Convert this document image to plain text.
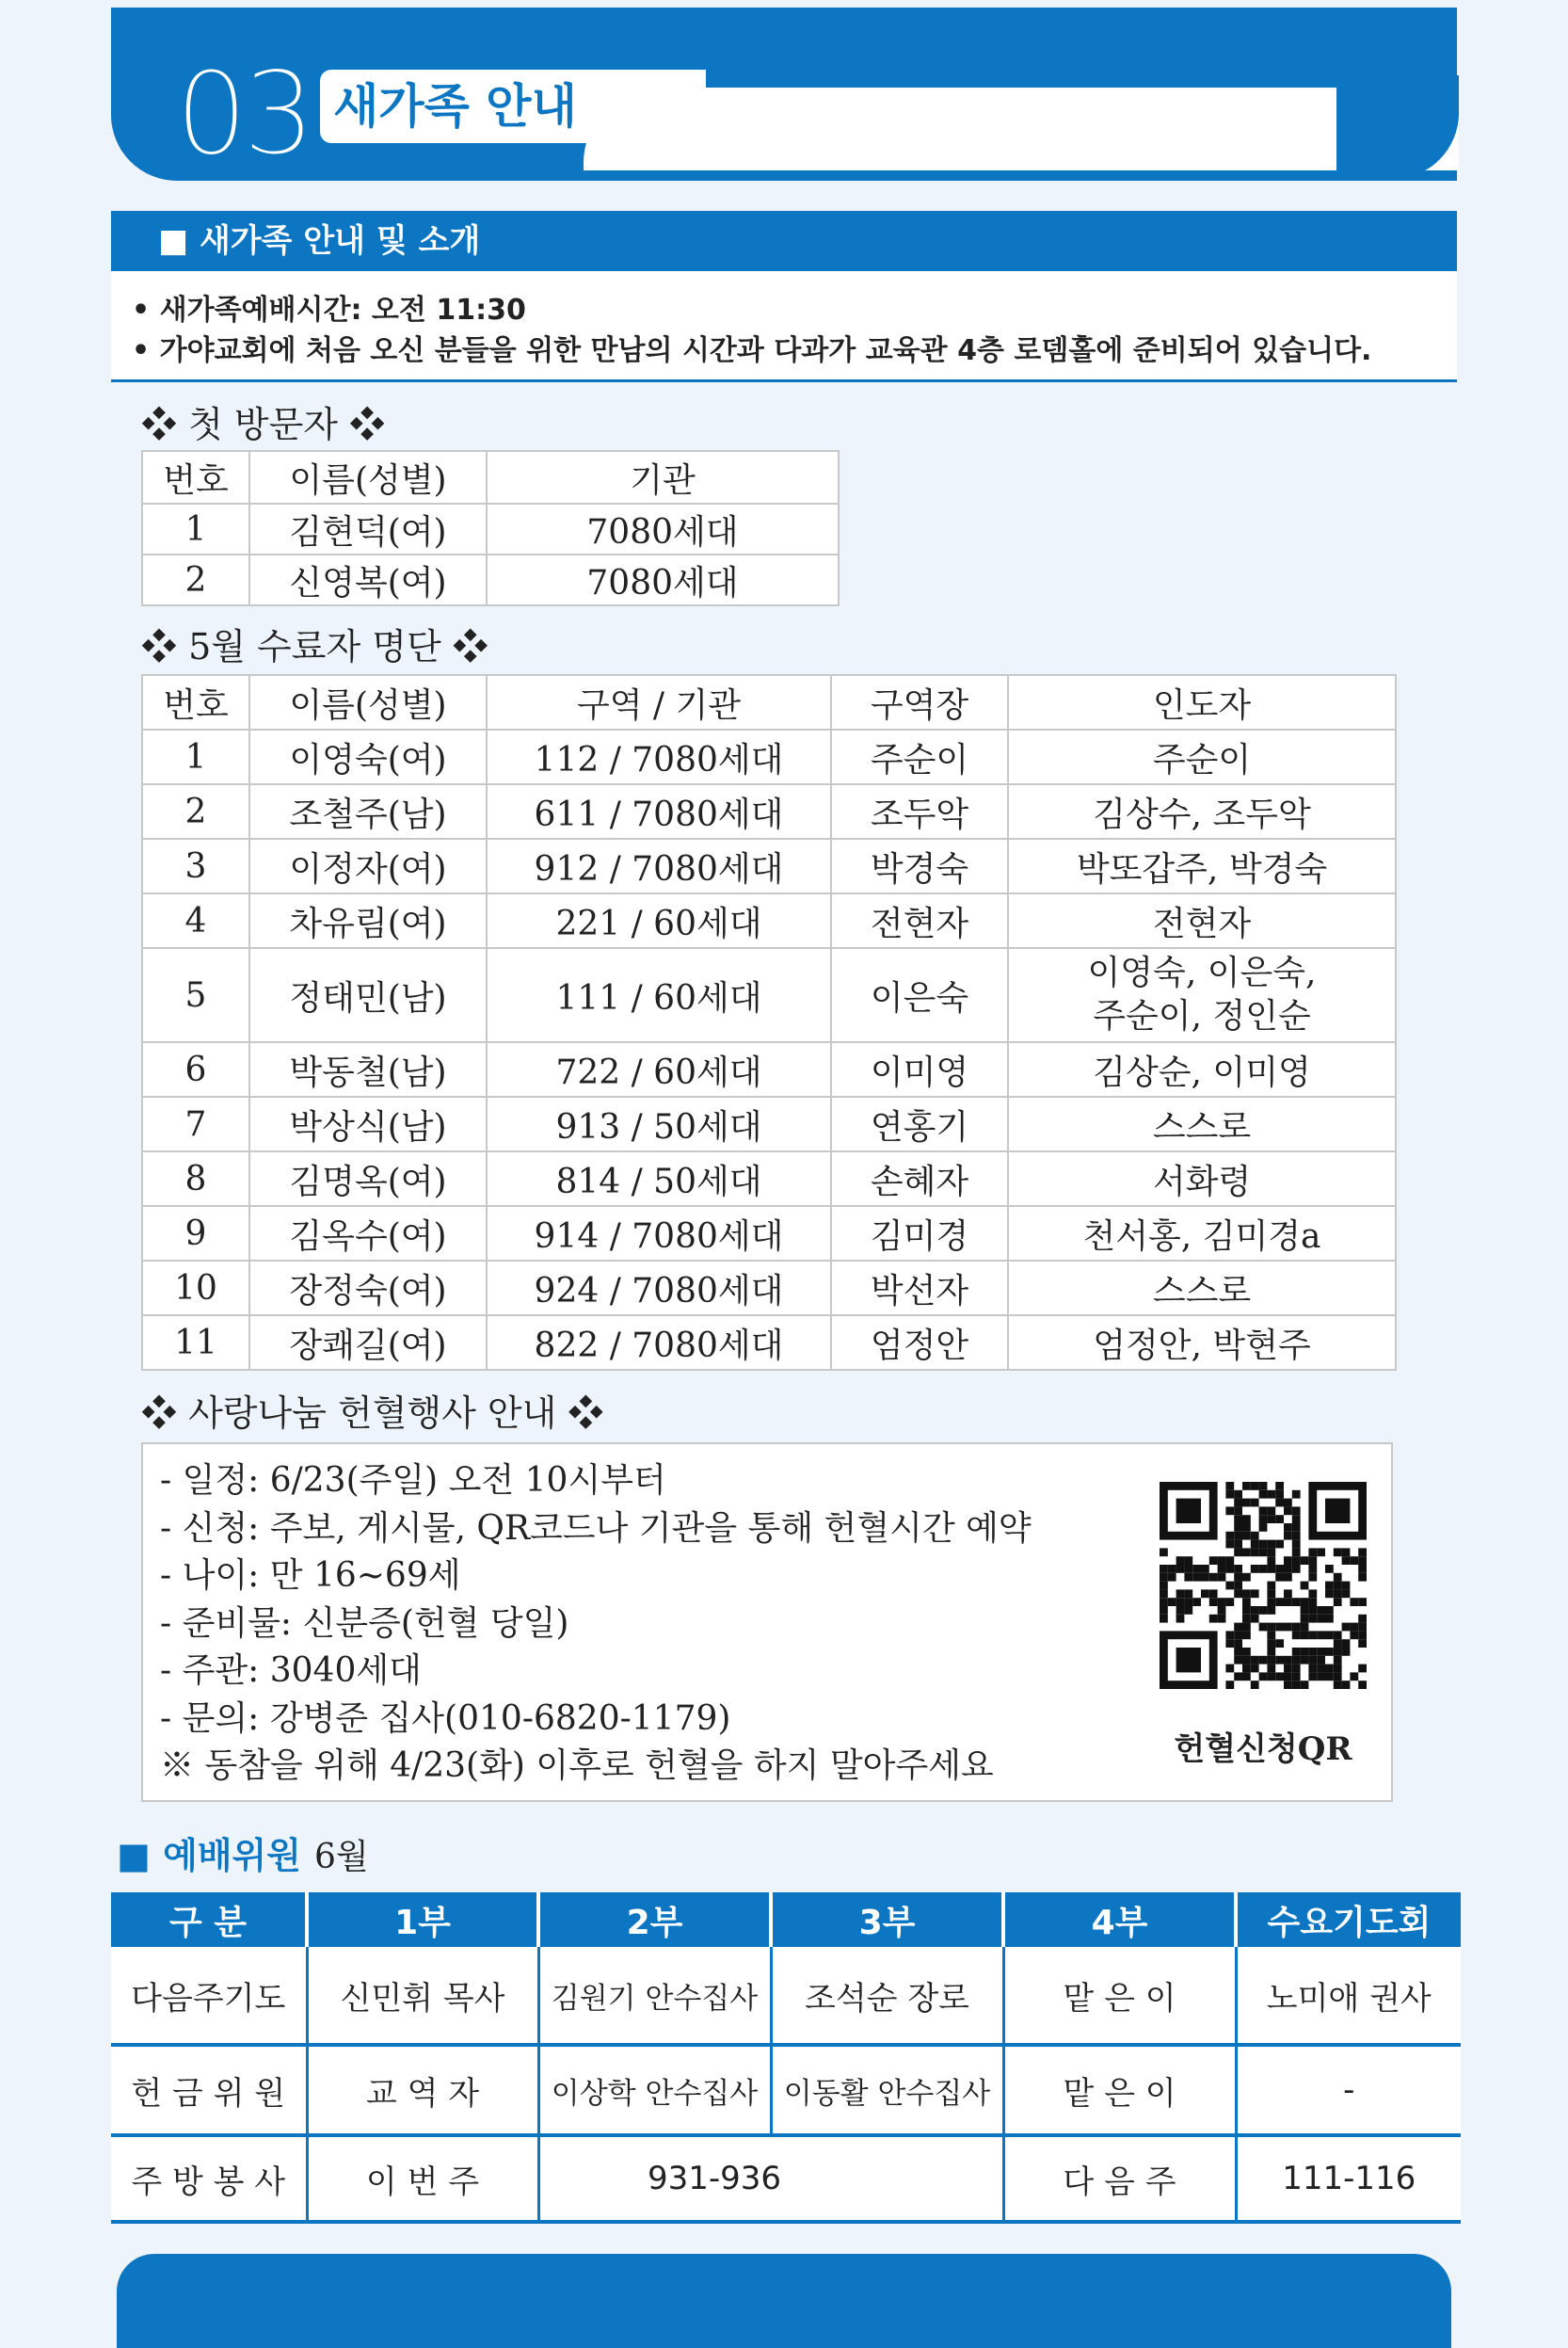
03 새가족 안내
■ 새가족 안내 및 소개
• 새가족예배시간: 오전 11:30
• 가야교회에 처음 오신 분들을 위한 만남의 시간과 다과가 교육관 4층 로뎀홀에 준비되어 있습니다.
❖ 첫 방문자 ❖
번호	이름(성별)	기관
1	김현덕(여)	7080세대
2	신영복(여)	7080세대
❖ 5월 수료자 명단 ❖
번호	이름(성별)	구역 / 기관	구역장	인도자
1	이영숙(여)	112 / 7080세대	주순이	주순이
2	조철주(남)	611 / 7080세대	조두악	김상수, 조두악
3	이정자(여)	912 / 7080세대	박경숙	박또갑주, 박경숙
4	차유림(여)	221 / 60세대	전현자	전현자
5	정태민(남)	111 / 60세대	이은숙	이영숙, 이은숙,
주순이, 정인순

6	박동철(남)	722 / 60세대	이미영	김상순, 이미영
7	박상식(남)	913 / 50세대	연홍기	스스로
8	김명옥(여)	814 / 50세대	손혜자	서화령
9	김옥수(여)	914 / 7080세대	김미경	천서홍, 김미경a
10	장정숙(여)	924 / 7080세대	박선자	스스로
11	장쾌길(여)	822 / 7080세대	엄정안	엄정안, 박현주
❖ 사랑나눔 헌혈행사 안내 ❖
- 일정: 6/23(주일) 오전 10시부터
- 신청: 주보, 게시물, QR코드나 기관을 통해 헌혈시간 예약
- 나이: 만 16~69세
- 준비물: 신분증(헌혈 당일)
- 주관: 3040세대
- 문의: 강병준 집사(010-6820-1179)
※ 동참을 위해 4/23(화) 이후로 헌혈을 하지 말아주세요	헌혈신청QR
■ 예배위원 6월
구 분	1부	2부	3부	4부	수요기도회
다음주기도	신민휘 목사	김원기 안수집사	조석순 장로	맡 은 이	노미애 권사
헌 금 위 원	교 역 자	이상학 안수집사	이동활 안수집사	맡 은 이	-
주 방 봉 사	이 번 주	931-936		다 음 주	111-116
